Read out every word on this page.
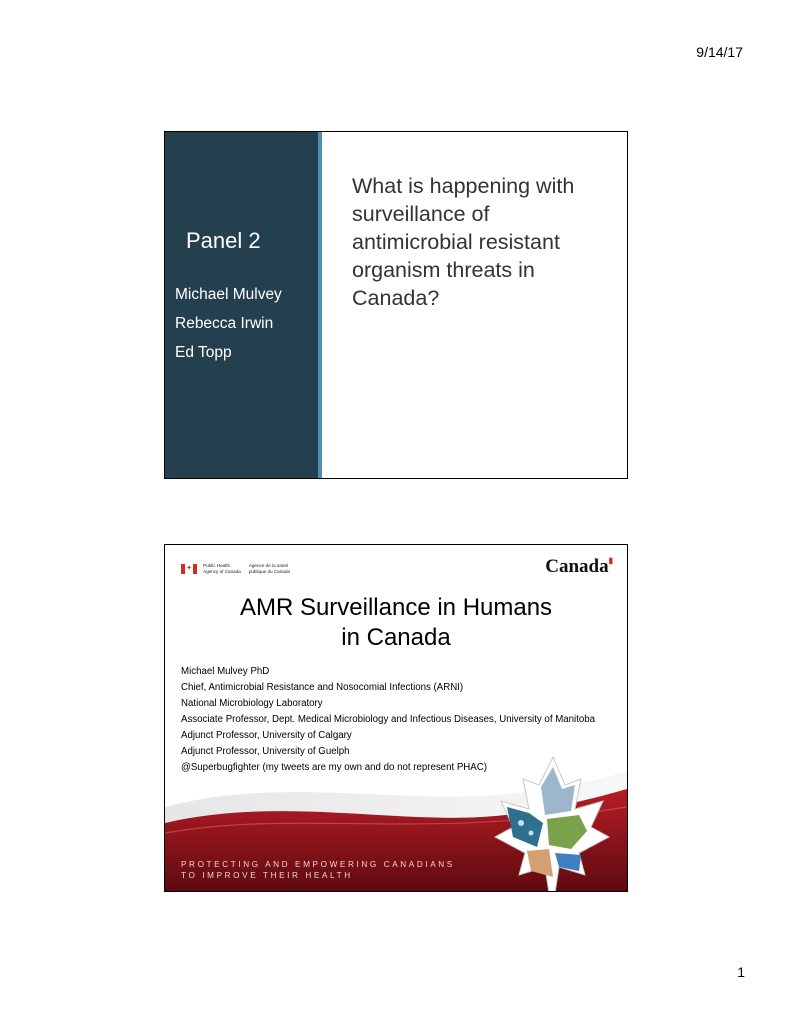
9/14/17
Panel 2
Michael Mulvey
Rebecca Irwin
Ed Topp
What is happening with surveillance of antimicrobial resistant organism threats in Canada?
✦ Public Health
Agency of Canada
Agence de la santé
publique du Canada	Canada▮
AMR Surveillance in Humans
in Canada
Michael Mulvey PhD
Chief, Antimicrobial Resistance and Nosocomial Infections (ARNI)
National Microbiology Laboratory
Associate Professor, Dept. Medical Microbiology and Infectious Diseases, University of Manitoba
Adjunct Professor, University of Calgary
Adjunct Professor, University of Guelph
@Superbugfighter (my tweets are my own and do not represent PHAC)
PROTECTING AND EMPOWERING CANADIANS
TO IMPROVE THEIR HEALTH
1
